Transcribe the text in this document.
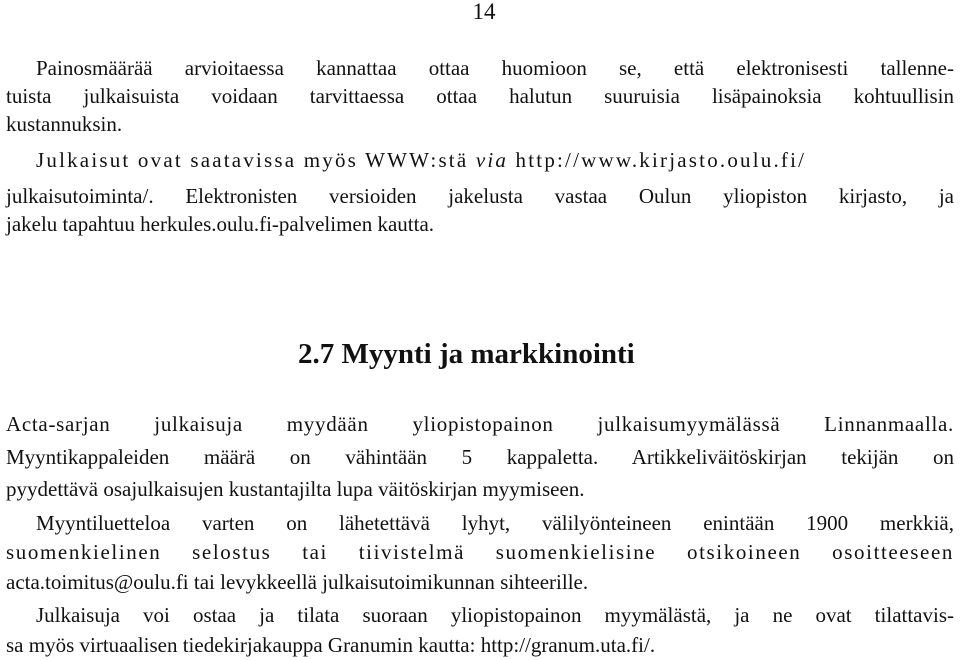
14
Painosmäärää arvioitaessa kannattaa ottaa huomioon se, että elektronisesti tallenne-
tuista julkaisuista voidaan tarvittaessa ottaa halutun suuruisia lisäpainoksia kohtuullisin
kustannuksin.
Julkaisut ovat saatavissa myös WWW:stä via http://www.kirjasto.oulu.fi/
julkaisutoiminta/. Elektronisten versioiden jakelusta vastaa Oulun yliopiston kirjasto, ja
jakelu tapahtuu herkules.oulu.fi-palvelimen kautta.
2.7 Myynti ja markkinointi
Acta-sarjan julkaisuja myydään yliopistopainon julkaisumyymälässä Linnanmaalla.
Myyntikappaleiden määrä on vähintään 5 kappaletta. Artikkeliväitöskirjan tekijän on
pyydettävä osajulkaisujen kustantajilta lupa väitöskirjan myymiseen.
Myyntiluetteloa varten on lähetettävä lyhyt, välilyönteineen enintään 1900 merkkiä,
suomenkielinen selostus tai tiivistelmä suomenkielisine otsikoineen osoitteeseen
acta.toimitus@oulu.fi tai levykkeellä julkaisutoimikunnan sihteerille.
Julkaisuja voi ostaa ja tilata suoraan yliopistopainon myymälästä, ja ne ovat tilattavis-
sa myös virtuaalisen tiedekirjakauppa Granumin kautta: http://granum.uta.fi/.
